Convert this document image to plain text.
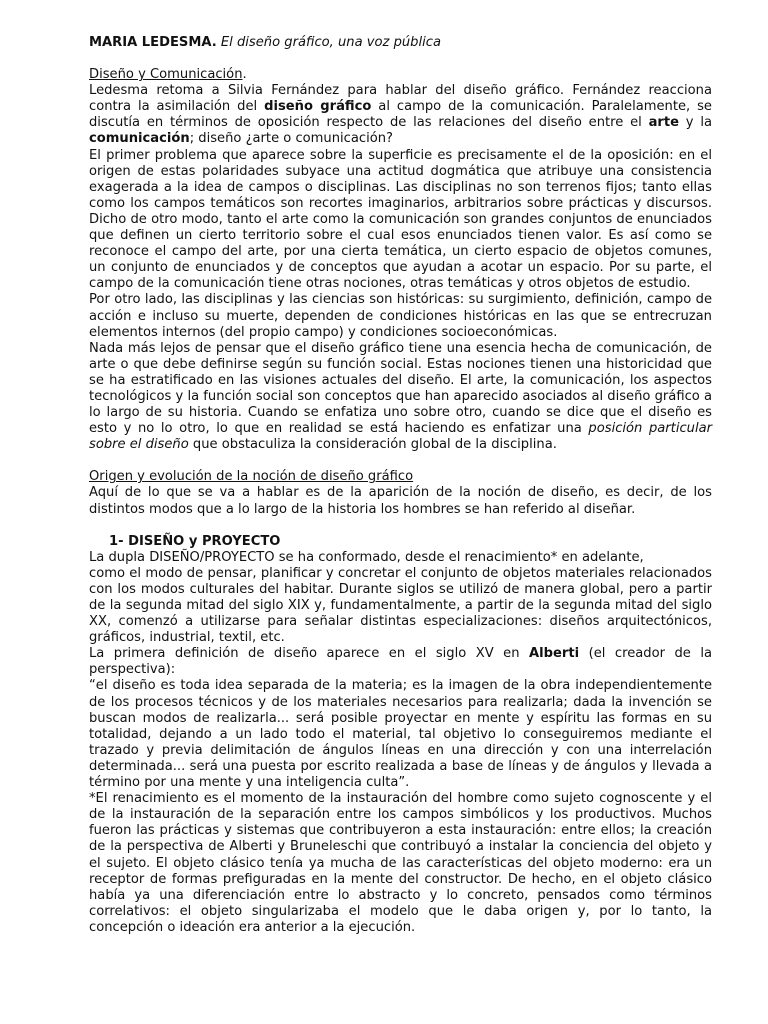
MARIA LEDESMA. El diseño gráfico, una voz pública

Diseño y Comunicación.

Ledesma retoma a Silvia Fernández para hablar del diseño gráfico. Fernández reacciona contra la asimilación del diseño gráfico al campo de la comunicación. Paralelamente, se discutía en términos de oposición respecto de las relaciones del diseño entre el arte y la comunicación; diseño ¿arte o comunicación?

El primer problema que aparece sobre la superficie es precisamente el de la oposición: en el origen de estas polaridades subyace una actitud dogmática que atribuye una consistencia exagerada a la idea de campos o disciplinas. Las disciplinas no son terrenos fijos; tanto ellas como los campos temáticos son recortes imaginarios, arbitrarios sobre prácticas y discursos. Dicho de otro modo, tanto el arte como la comunicación son grandes conjuntos de enunciados que definen un cierto territorio sobre el cual esos enunciados tienen valor. Es así como se reconoce el campo del arte, por una cierta temática, un cierto espacio de objetos comunes, un conjunto de enunciados y de conceptos que ayudan a acotar un espacio. Por su parte, el campo de la comunicación tiene otras nociones, otras temáticas y otros objetos de estudio.

Por otro lado, las disciplinas y las ciencias son históricas: su surgimiento, definición, campo de acción e incluso su muerte, dependen de condiciones históricas en las que se entrecruzan elementos internos (del propio campo) y condiciones socioeconómicas.

Nada más lejos de pensar que el diseño gráfico tiene una esencia hecha de comunicación, de arte o que debe definirse según su función social. Estas nociones tienen una historicidad que se ha estratificado en las visiones actuales del diseño. El arte, la comunicación, los aspectos tecnológicos y la función social son conceptos que han aparecido asociados al diseño gráfico a lo largo de su historia. Cuando se enfatiza uno sobre otro, cuando se dice que el diseño es esto y no lo otro, lo que en realidad se está haciendo es enfatizar una posición particular sobre el diseño que obstaculiza la consideración global de la disciplina.

Origen y evolución de la noción de diseño gráfico

Aquí de lo que se va a hablar es de la aparición de la noción de diseño, es decir, de los distintos modos que a lo largo de la historia los hombres se han referido al diseñar.

1- DISEÑO y PROYECTO

La dupla DISEÑO/PROYECTO se ha conformado, desde el renacimiento* en adelante,

como el modo de pensar, planificar y concretar el conjunto de objetos materiales relacionados con los modos culturales del habitar. Durante siglos se utilizó de manera global, pero a partir de la segunda mitad del siglo XIX y, fundamentalmente, a partir de la segunda mitad del siglo XX, comenzó a utilizarse para señalar distintas especializaciones: diseños arquitectónicos, gráficos, industrial, textil, etc.

La primera definición de diseño aparece en el siglo XV en Alberti (el creador de la perspectiva):

“el diseño es toda idea separada de la materia; es la imagen de la obra independientemente de los procesos técnicos y de los materiales necesarios para realizarla; dada la invención se buscan modos de realizarla... será posible proyectar en mente y espíritu las formas en su totalidad, dejando a un lado todo el material, tal objetivo lo conseguiremos mediante el trazado y previa delimitación de ángulos líneas en una dirección y con una interrelación determinada... será una puesta por escrito realizada a base de líneas y de ángulos y llevada a término por una mente y una inteligencia culta”.

*El renacimiento es el momento de la instauración del hombre como sujeto cognoscente y el de la instauración de la separación entre los campos simbólicos y los productivos. Muchos fueron las prácticas y sistemas que contribuyeron a esta instauración: entre ellos; la creación de la perspectiva de Alberti y Bruneleschi que contribuyó a instalar la conciencia del objeto y el sujeto. El objeto clásico tenía ya mucha de las características del objeto moderno: era un receptor de formas prefiguradas en la mente del constructor. De hecho, en el objeto clásico había ya una diferenciación entre lo abstracto y lo concreto, pensados como términos correlativos: el objeto singularizaba el modelo que le daba origen y, por lo tanto, la concepción o ideación era anterior a la ejecución.
